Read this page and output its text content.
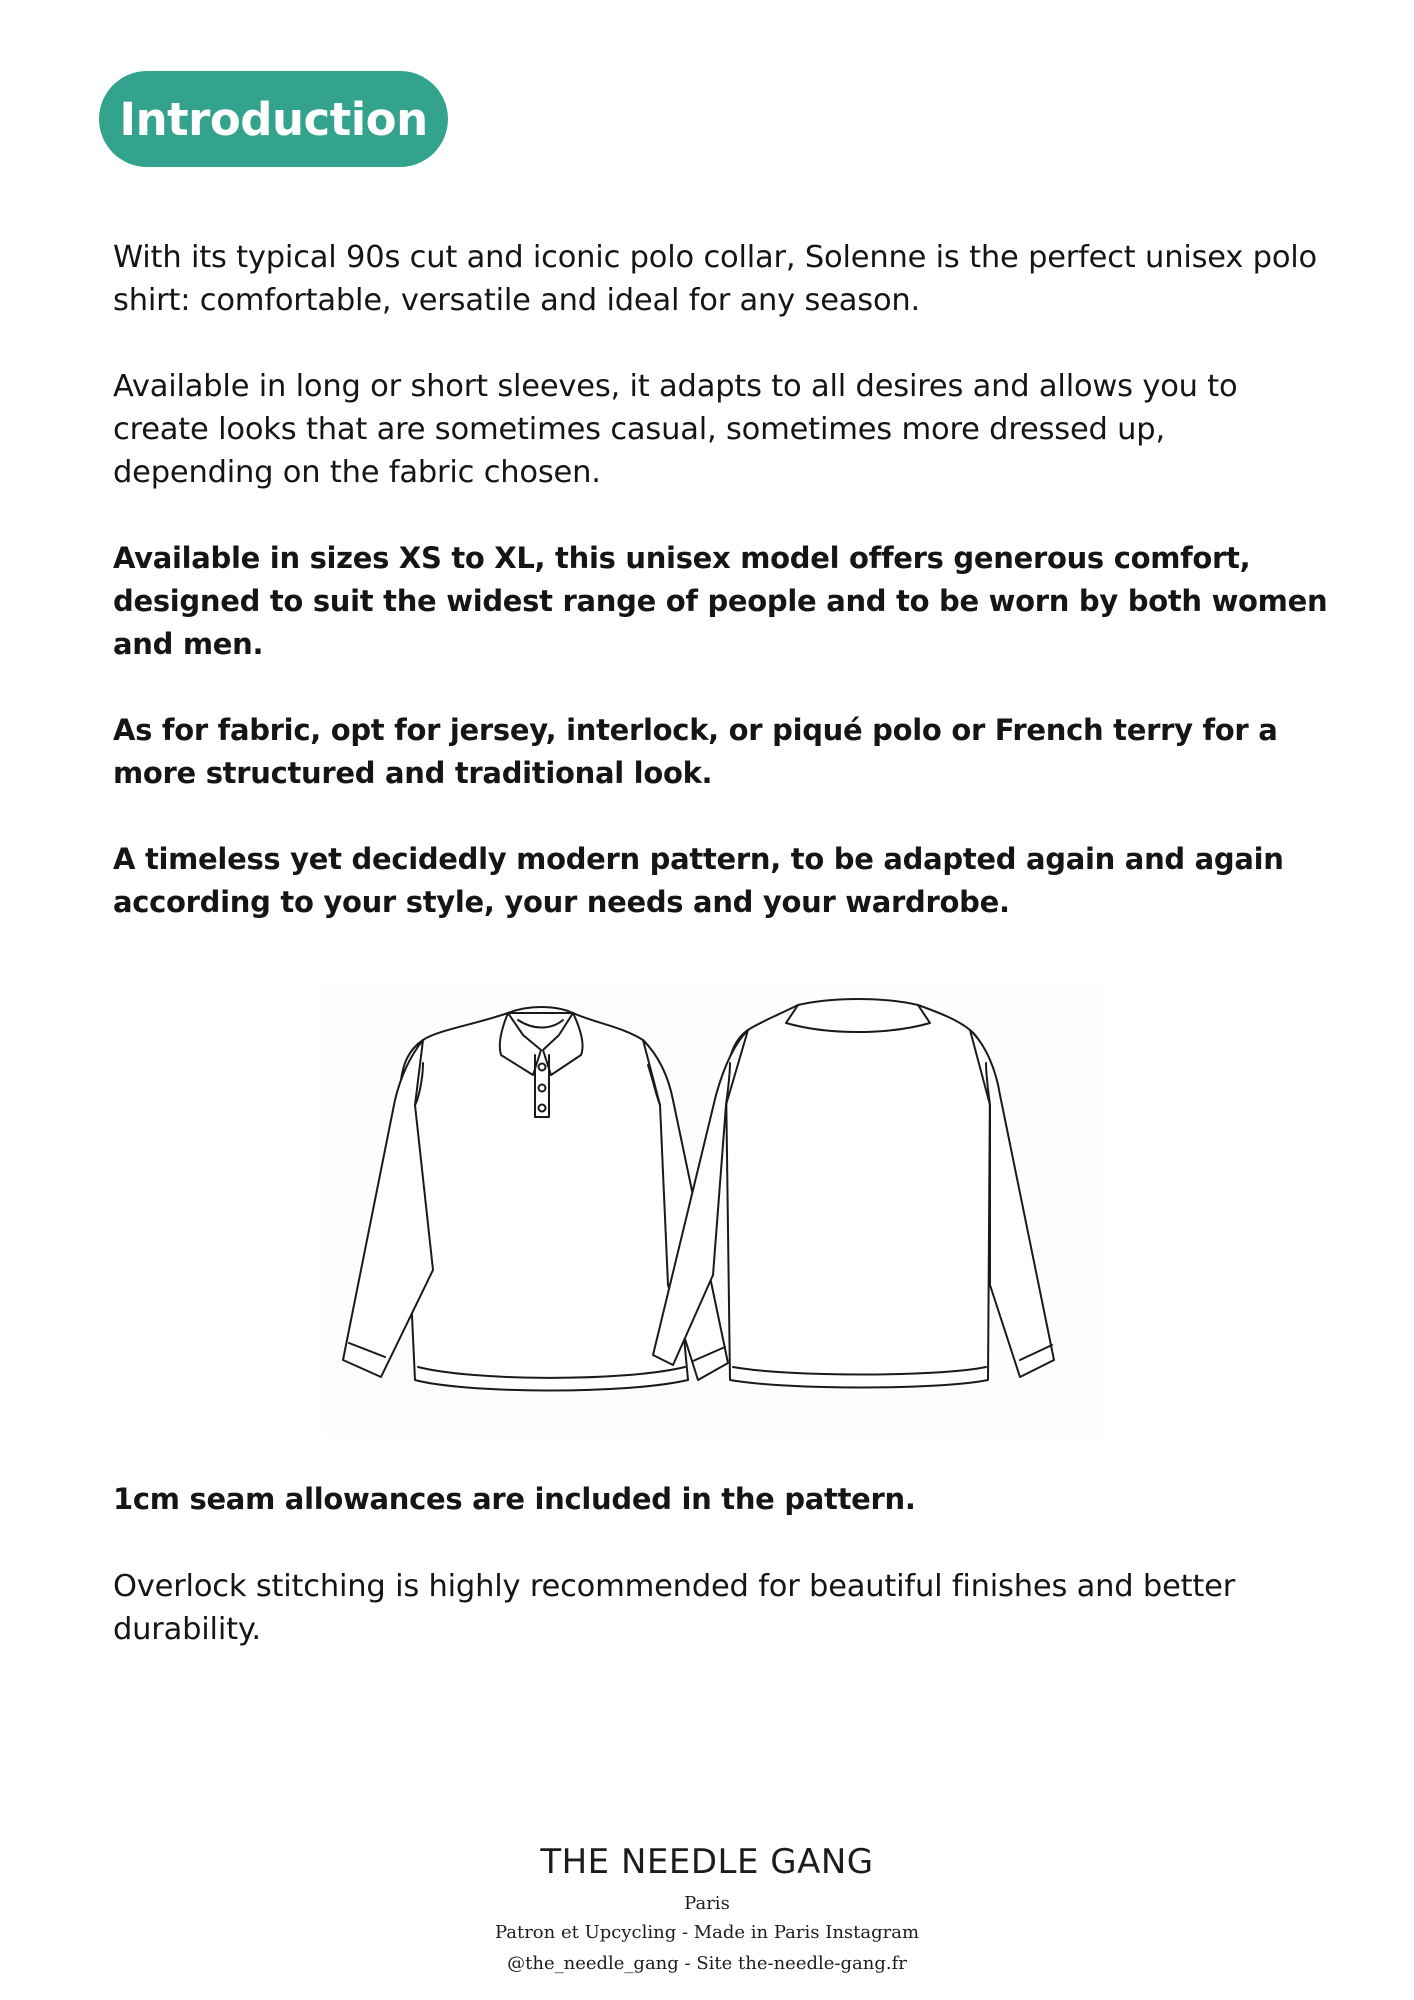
Introduction

With its typical 90s cut and iconic polo collar, Solenne is the perfect unisex polo shirt: comfortable, versatile and ideal for any season.

Available in long or short sleeves, it adapts to all desires and allows you to create looks that are sometimes casual, sometimes more dressed up, depending on the fabric chosen.

Available in sizes XS to XL, this unisex model offers generous comfort, designed to suit the widest range of people and to be worn by both women and men.

As for fabric, opt for jersey, interlock, or piqué polo or French terry for a more structured and traditional look.

A timeless yet decidedly modern pattern, to be adapted again and again according to your style, your needs and your wardrobe.

1cm seam allowances are included in the pattern.

Overlock stitching is highly recommended for beautiful finishes and better durability.

THE NEEDLE GANG
Paris
Patron et Upcycling - Made in Paris Instagram
@the_needle_gang - Site the-needle-gang.fr
